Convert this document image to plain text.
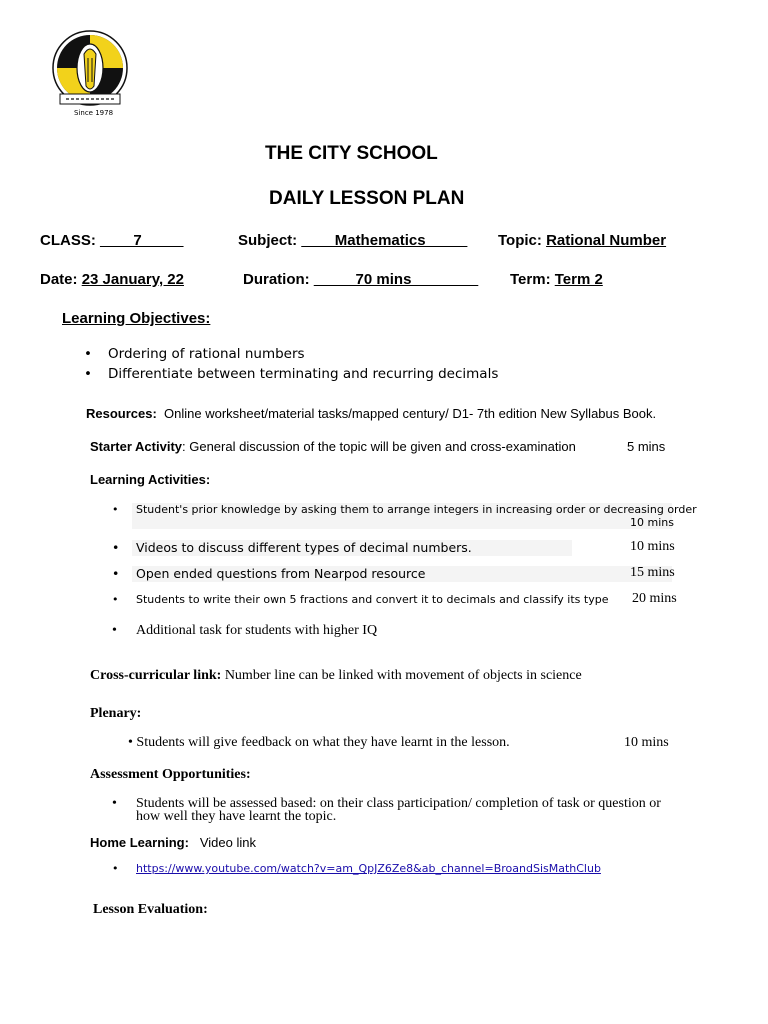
Since 1978
THE CITY SCHOOL
DAILY LESSON PLAN
CLASS: ____7_____	Subject: ____Mathematics_____ Topic: Rational Number
Date: 23 January, 22	Duration: _____70 mins________ Term: Term 2
Learning Objectives:
• Ordering of rational numbers
• Differentiate between terminating and recurring decimals
Resources: Online worksheet/material tasks/mapped century/ D1- 7th edition New Syllabus Book.
Starter Activity: General discussion of the topic will be given and cross-examination	5 mins
Learning Activities:
• Student's prior knowledge by asking them to arrange integers in increasing order or decreasing order
10 mins
• Videos to discuss different types of decimal numbers.	10 mins
• Open ended questions from Nearpod resource	15 mins
• Students to write their own 5 fractions and convert it to decimals and classify its type 20 mins
• Additional task for students with higher IQ
Cross-curricular link: Number line can be linked with movement of objects in science
Plenary:
• Students will give feedback on what they have learnt in the lesson.	10 mins
Assessment Opportunities:
• Students will be assessed based: on their class participation/ completion of task or question or
how well they have learnt the topic.
Home Learning: Video link
• https://www.youtube.com/watch?v=am_QpJZ6Ze8&ab_channel=BroandSisMathClub
Lesson Evaluation:
